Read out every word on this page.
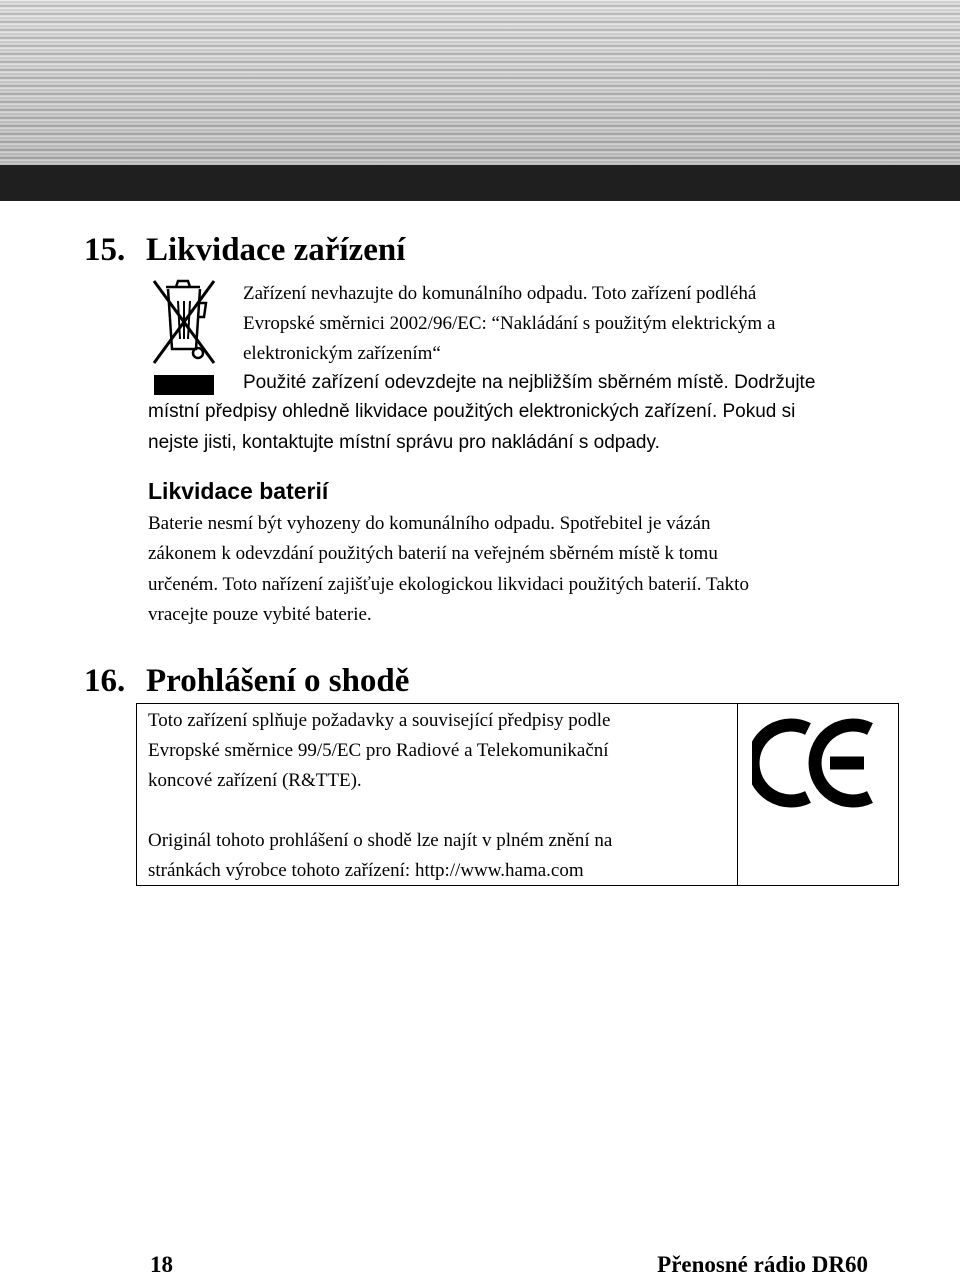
15. Likvidace zařízení
Zařízení nevhazujte do komunálního odpadu. Toto zařízení podléhá
Evropské směrnici 2002/96/EC: “Nakládání s použitým elektrickým a
elektronickým zařízením“
Použité zařízení odevzdejte na nejbližším sběrném místě. Dodržujte
místní předpisy ohledně likvidace použitých elektronických zařízení. Pokud si
nejste jisti, kontaktujte místní správu pro nakládání s odpady.
Likvidace baterií
Baterie nesmí být vyhozeny do komunálního odpadu. Spotřebitel je vázán
zákonem k odevzdání použitých baterií na veřejném sběrném místě k tomu
určeném. Toto nařízení zajišťuje ekologickou likvidaci použitých baterií. Takto
vracejte pouze vybité baterie.
16. Prohlášení o shodě
Toto zařízení splňuje požadavky a související předpisy podle
Evropské směrnice 99/5/EC pro Radiové a Telekomunikační
koncové zařízení (R&TTE).
Originál tohoto prohlášení o shodě lze najít v plném znění na
stránkách výrobce tohoto zařízení: http://www.hama.com
18	Přenosné rádio DR60
